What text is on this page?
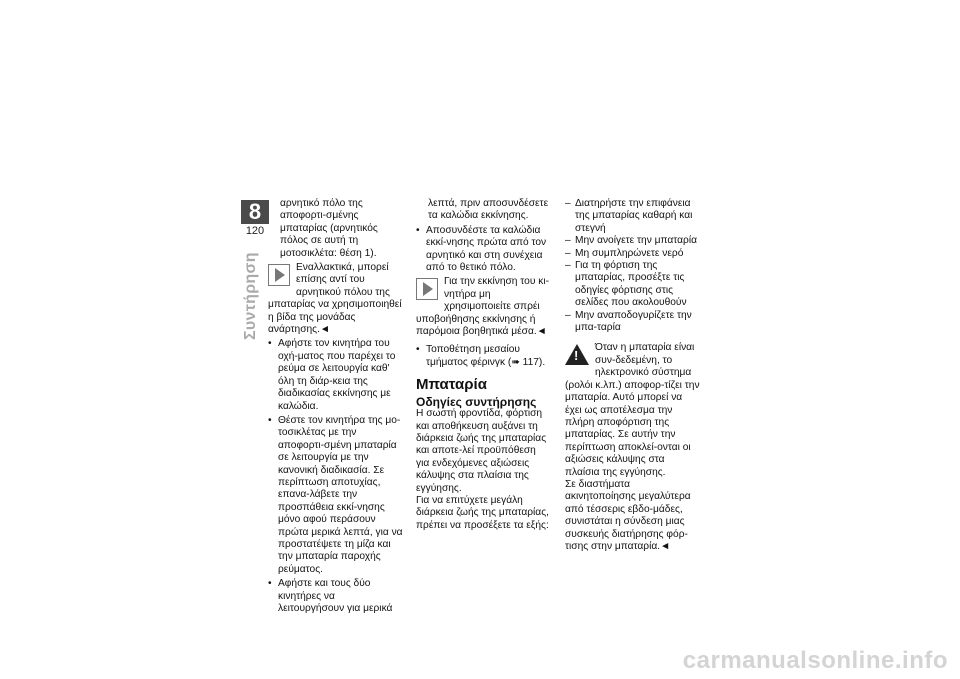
8
120
Συντήρηση

αρνητικό πόλο της αποφορτι-σμένης μπαταρίας (αρνητικός πόλος σε αυτή τη μοτοσικλέτα: θέση 1).

Εναλλακτικά, μπορεί επίσης αντί του αρνητικού πόλου της μπαταρίας να χρησιμοποιηθεί η βίδα της μονάδας ανάρτησης.◄
• Αφήστε τον κινητήρα του οχή-ματος που παρέχει το ρεύμα σε λειτουργία καθ' όλη τη διάρ-κεια της διαδικασίας εκκίνησης με καλώδια.
• Θέστε τον κινητήρα της μο-τοσικλέτας με την αποφορτι-σμένη μπαταρία σε λειτουργία με την κανονική διαδικασία. Σε περίπτωση αποτυχίας, επανα-λάβετε την προσπάθεια εκκί-νησης μόνο αφού περάσουν πρώτα μερικά λεπτά, για να προστατέψετε τη μίζα και την μπαταρία παροχής ρεύματος.
• Αφήστε και τους δύο κινητήρες να λειτουργήσουν για μερικά

λεπτά, πριν αποσυνδέσετε τα καλώδια εκκίνησης.

• Αποσυνδέστε τα καλώδια εκκί-νησης πρώτα από τον αρνητικό και στη συνέχεια από το θετικό πόλο.
Για την εκκίνηση του κι-νητήρα μη χρησιμοποιείτε σπρέι υποβοήθησης εκκίνησης ή παρόμοια βοηθητικά μέσα.◄
• Τοποθέτηση μεσαίου τμήματος φέρινγκ (➠ 117).
Μπαταρία
Οδηγίες συντήρησης

Η σωστή φροντίδα, φόρτιση και αποθήκευση αυξάνει τη διάρκεια ζωής της μπαταρίας και αποτε-λεί προϋπόθεση για ενδεχόμενες αξιώσεις κάλυψης στα πλαίσια της εγγύησης.

Για να επιτύχετε μεγάλη διάρκεια ζωής της μπαταρίας, πρέπει να προσέξετε τα εξής:

– Διατηρήστε την επιφάνεια της μπαταρίας καθαρή και στεγνή
– Μην ανοίγετε την μπαταρία
– Μη συμπληρώνετε νερό
– Για τη φόρτιση της μπαταρίας, προσέξτε τις οδηγίες φόρτισης στις σελίδες που ακολουθούν
– Μην αναποδογυρίζετε την μπα-ταρία
!
Όταν η μπαταρία είναι συν-δεδεμένη, το ηλεκτρονικό σύστημα (ρολόι κ.λπ.) αποφορ-τίζει την μπαταρία. Αυτό μπορεί να έχει ως αποτέλεσμα την πλήρη αποφόρτιση της μπαταρίας. Σε αυτήν την περίπτωση αποκλεί-ονται οι αξιώσεις κάλυψης στα πλαίσια της εγγύησης.

Σε διαστήματα ακινητοποίησης μεγαλύτερα από τέσσερις εβδο-μάδες, συνιστάται η σύνδεση μιας συσκευής διατήρησης φόρ-τισης στην μπαταρία.◄

carmanualsonline.info
